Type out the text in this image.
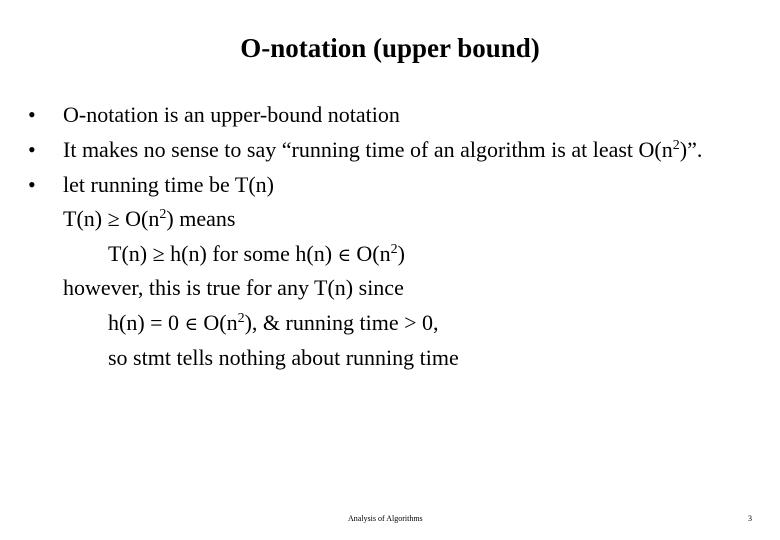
O-notation (upper bound)
• O-notation is an upper-bound notation
• It makes no sense to say “running time of an algorithm is at least $O(n^2)$”.
• let running time be T(n)
$T(n) \ge O(n^2)$ means
T(n) ≥ h(n) for some h(n) ∈ $O(n^2)$
however, this is true for any T(n) since
h(n) = 0 ∈ $O(n^2)$, & running time > 0,
so stmt tells nothing about running time
Analysis of Algorithms	3
